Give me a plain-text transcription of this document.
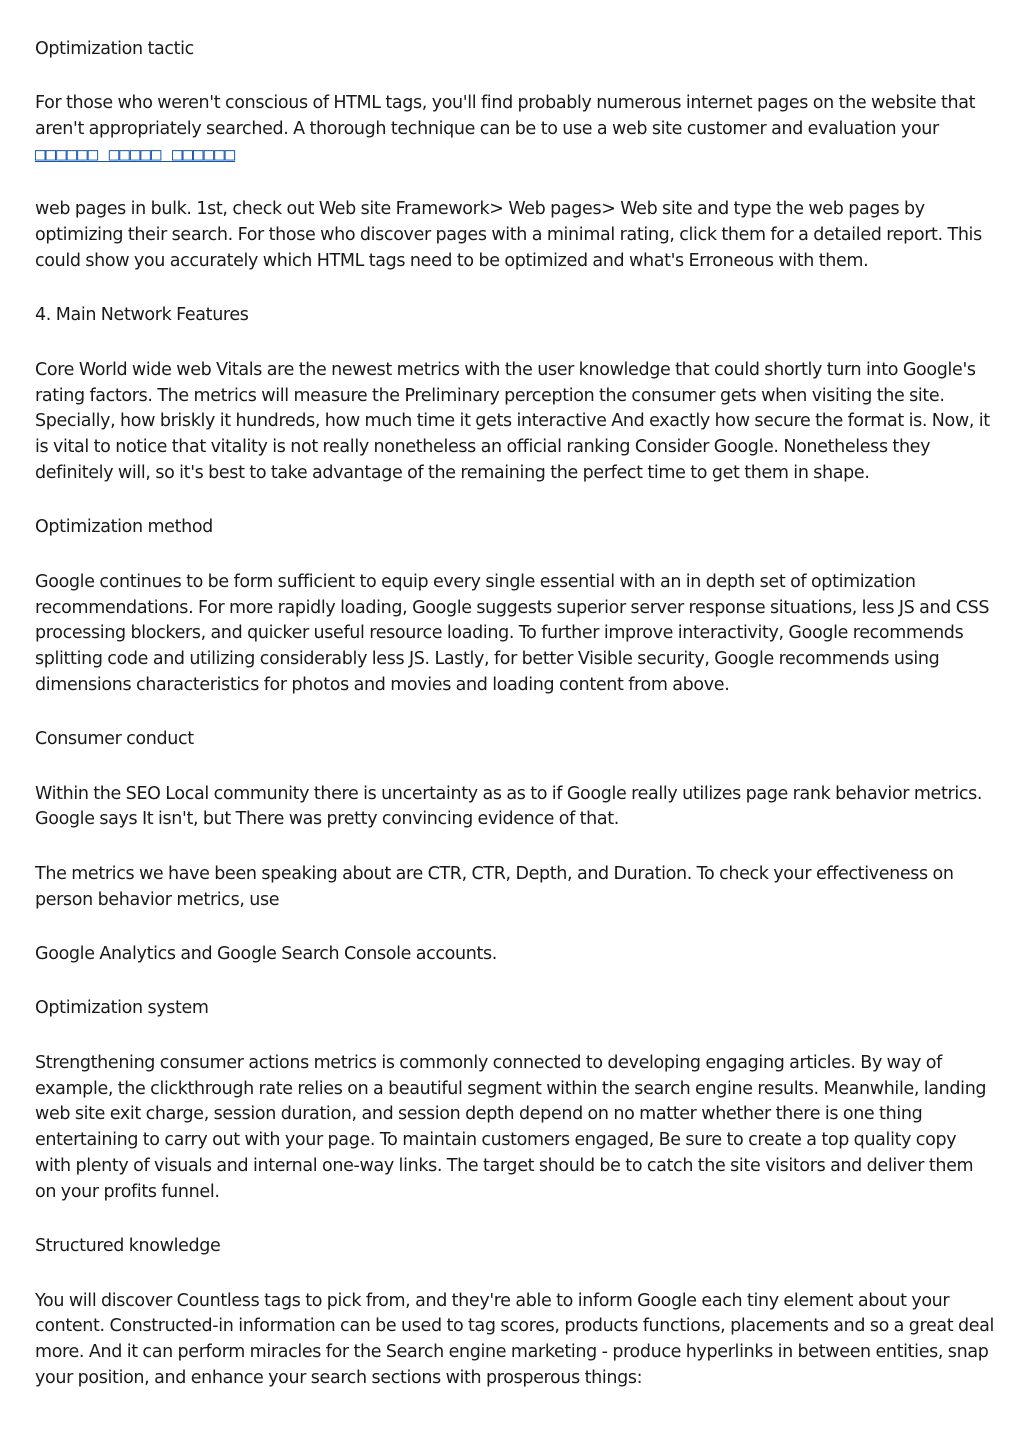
Optimization tactic

For those who weren't conscious of HTML tags, you'll find probably numerous internet pages on the website that aren't appropriately searched. A thorough technique can be to use a web site customer and evaluation your
□□□□□□ □□□□□ □□□□□□

web pages in bulk. 1st, check out Web site Framework> Web pages> Web site and type the web pages by optimizing their search. For those who discover pages with a minimal rating, click them for a detailed report. This could show you accurately which HTML tags need to be optimized and what's Erroneous with them.

4. Main Network Features

Core World wide web Vitals are the newest metrics with the user knowledge that could shortly turn into Google's rating factors. The metrics will measure the Preliminary perception the consumer gets when visiting the site. Specially, how briskly it hundreds, how much time it gets interactive And exactly how secure the format is. Now, it is vital to notice that vitality is not really nonetheless an official ranking Consider Google. Nonetheless they definitely will, so it's best to take advantage of the remaining the perfect time to get them in shape.

Optimization method

Google continues to be form sufficient to equip every single essential with an in depth set of optimization recommendations. For more rapidly loading, Google suggests superior server response situations, less JS and CSS processing blockers, and quicker useful resource loading. To further improve interactivity, Google recommends splitting code and utilizing considerably less JS. Lastly, for better Visible security, Google recommends using dimensions characteristics for photos and movies and loading content from above.

Consumer conduct

Within the SEO Local community there is uncertainty as as to if Google really utilizes page rank behavior metrics. Google says It isn't, but There was pretty convincing evidence of that.

The metrics we have been speaking about are CTR, CTR, Depth, and Duration. To check your effectiveness on person behavior metrics, use

Google Analytics and Google Search Console accounts.

Optimization system

Strengthening consumer actions metrics is commonly connected to developing engaging articles. By way of example, the clickthrough rate relies on a beautiful segment within the search engine results. Meanwhile, landing web site exit charge, session duration, and session depth depend on no matter whether there is one thing entertaining to carry out with your page. To maintain customers engaged, Be sure to create a top quality copy with plenty of visuals and internal one-way links. The target should be to catch the site visitors and deliver them on your profits funnel.

Structured knowledge

You will discover Countless tags to pick from, and they're able to inform Google each tiny element about your content. Constructed-in information can be used to tag scores, products functions, placements and so a great deal more. And it can perform miracles for the Search engine marketing - produce hyperlinks in between entities, snap your position, and enhance your search sections with prosperous things:
